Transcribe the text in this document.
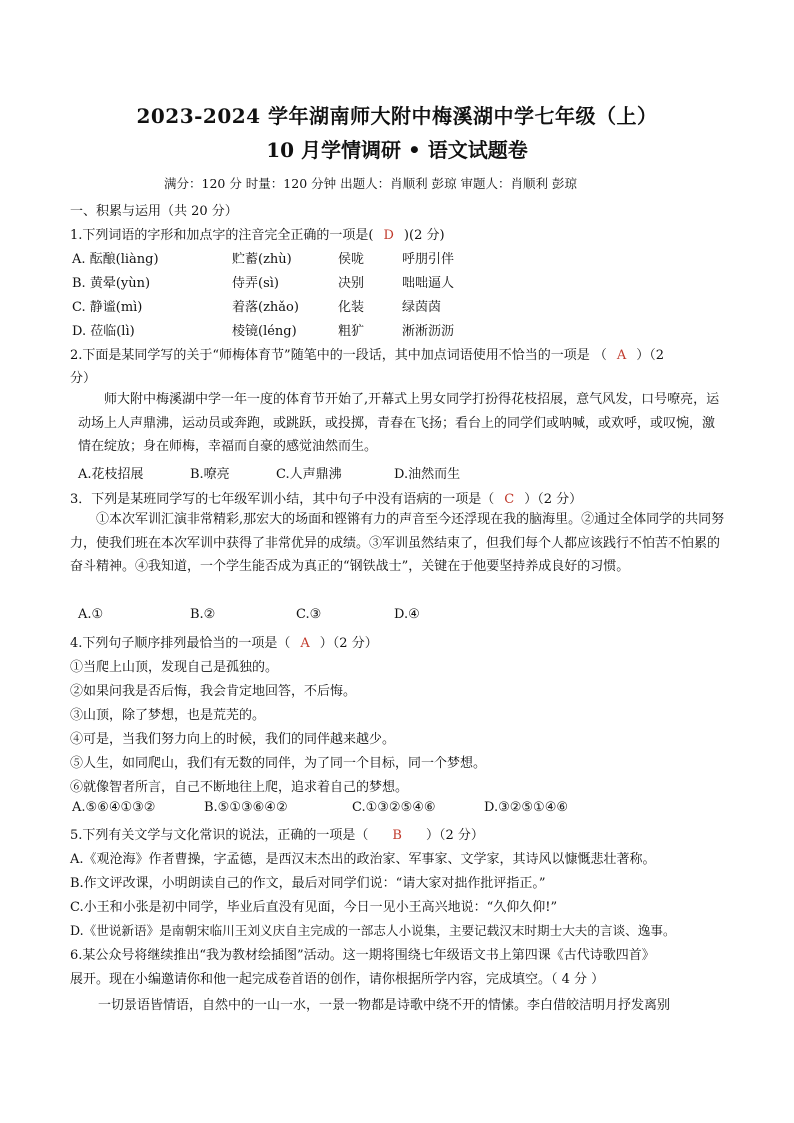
2023-2024 学年湖南师大附中梅溪湖中学七年级（上）
10 月学情调研 • 语文试题卷
满分：120 分 时量：120 分钟 出题人：肖顺利 彭琼 审题人：肖顺利 彭琼
一、积累与运用（共 20 分）
1.下列词语的字形和加点字的注音完全正确的一项是( D )(2 分)
A. 酝酿(liàng)	贮蓄(zhù)	侯咙	呼朋引伴
B. 黄晕(yùn)	侍弄(sì)	决别	咄咄逼人
C. 静谧(mì)	着落(zhǎo)	化装	绿茵茵
D. 莅临(lì)	棱镜(léng)	粗犷	淅淅沥沥
2.下面是某同学写的关于“师梅体育节”随笔中的一段话，其中加点词语使用不恰当的一项是 （ A ）（2
分）
师大附中梅溪湖中学一年一度的体育节开始了,开幕式上男女同学打扮得花枝招展，意气风发，口号嘹亮，运动场上人声鼎沸，运动员或奔跑，或跳跃，或投掷，青春在飞扬；看台上的同学们或呐喊，或欢呼，或叹惋，激情在绽放；身在师梅，幸福而自豪的感觉油然而生。
A.花枝招展	B.嘹亮	C.人声鼎沸	D.油然而生
3．下列是某班同学写的七年级军训小结，其中句子中没有语病的一项是（ C ）（2 分）
①本次军训汇演非常精彩,那宏大的场面和铿锵有力的声音至今还浮现在我的脑海里。②通过全体同学的共同努力，使我们班在本次军训中获得了非常优异的成绩。③军训虽然结束了，但我们每个人都应该践行不怕苦不怕累的奋斗精神。④我知道，一个学生能否成为真正的“钢铁战士”，关键在于他要坚持养成良好的习惯。
A.①	B.②	C.③	D.④
4.下列句子顺序排列最恰当的一项是（ A ）（2 分）
①当爬上山顶，发现自己是孤独的。
②如果问我是否后悔，我会肯定地回答，不后悔。
③山顶，除了梦想，也是荒芜的。
④可是，当我们努力向上的时候，我们的同伴越来越少。
⑤人生，如同爬山，我们有无数的同伴，为了同一个目标，同一个梦想。
⑥就像智者所言，自己不断地往上爬，追求着自己的梦想。
A.⑤⑥④①③②	B.⑤①③⑥④②	C.①③②⑤④⑥	D.③②⑤①④⑥
5.下列有关文学与文化常识的说法，正确的一项是（ B ）（2 分）
A.《观沧海》作者曹操，字孟德，是西汉末杰出的政治家、军事家、文学家，其诗风以慷慨悲壮著称。
B.作文评改课，小明朗读自己的作文，最后对同学们说：“请大家对拙作批评指正。”
C.小王和小张是初中同学，毕业后直没有见面，今日一见小王高兴地说：“久仰久仰!”
D.《世说新语》是南朝宋临川王刘义庆自主完成的一部志人小说集，主要记载汉末时期士大夫的言谈、逸事。
6.某公众号将继续推出“我为教材绘插图”活动。这一期将围绕七年级语文书上第四课《古代诗歌四首》
展开。现在小编邀请你和他一起完成卷首语的创作，请你根据所学内容，完成填空。（ 4 分 ）
一切景语皆情语，自然中的一山一水，一景一物都是诗歌中绕不开的情愫。李白借皎洁明月抒发离别
